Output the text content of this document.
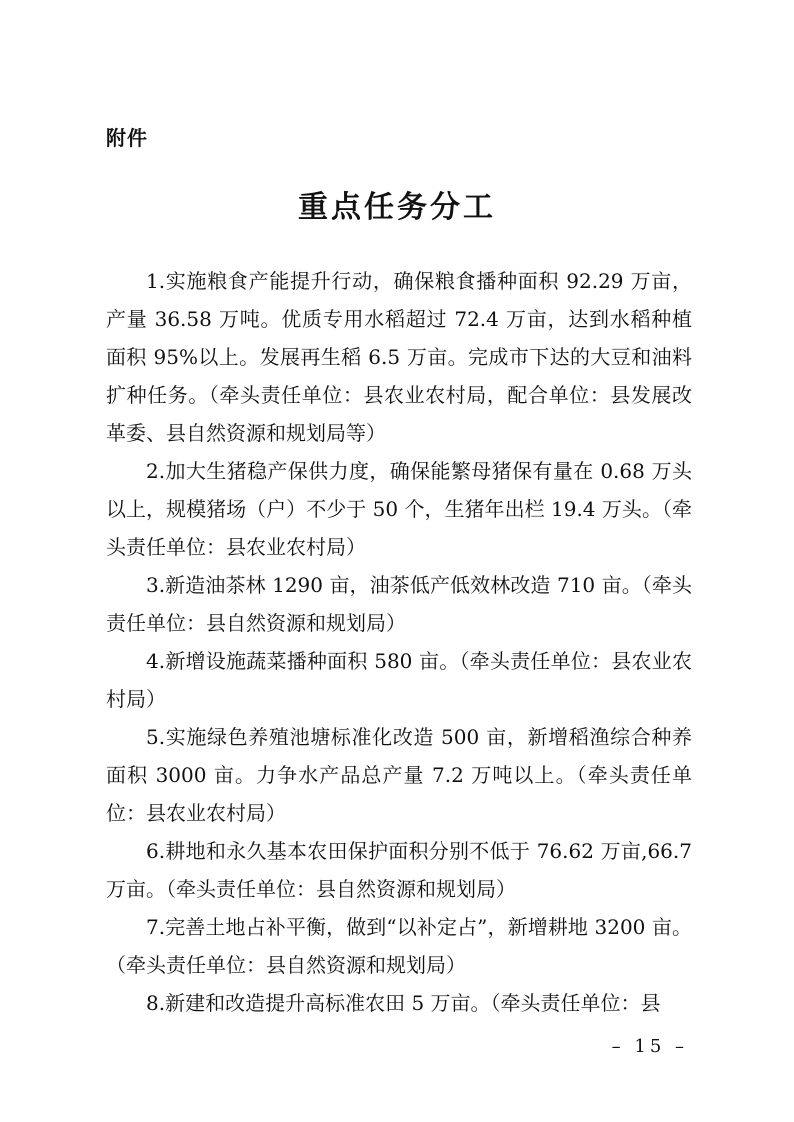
附件
重点任务分工

1.实施粮食产能提升行动，确保粮食播种面积 92.29 万亩，产量 36.58 万吨。优质专用水稻超过 72.4 万亩，达到水稻种植面积 95%以上。发展再生稻 6.5 万亩。完成市下达的大豆和油料扩种任务。（牵头责任单位：县农业农村局，配合单位：县发展改革委、县自然资源和规划局等）

2.加大生猪稳产保供力度，确保能繁母猪保有量在 0.68 万头以上，规模猪场（户）不少于 50 个，生猪年出栏 19.4 万头。（牵头责任单位：县农业农村局）

3.新造油茶林 1290 亩，油茶低产低效林改造 710 亩。（牵头责任单位：县自然资源和规划局）

4.新增设施蔬菜播种面积 580 亩。（牵头责任单位：县农业农村局）

5.实施绿色养殖池塘标准化改造 500 亩，新增稻渔综合种养面积 3000 亩。力争水产品总产量 7.2 万吨以上。（牵头责任单位：县农业农村局）

6.耕地和永久基本农田保护面积分别不低于 76.62 万亩,66.7 万亩。（牵头责任单位：县自然资源和规划局）

7.完善土地占补平衡，做到“以补定占”，新增耕地 3200 亩。（牵头责任单位：县自然资源和规划局）

8.新建和改造提升高标准农田 5 万亩。（牵头责任单位：县

– 15 –
